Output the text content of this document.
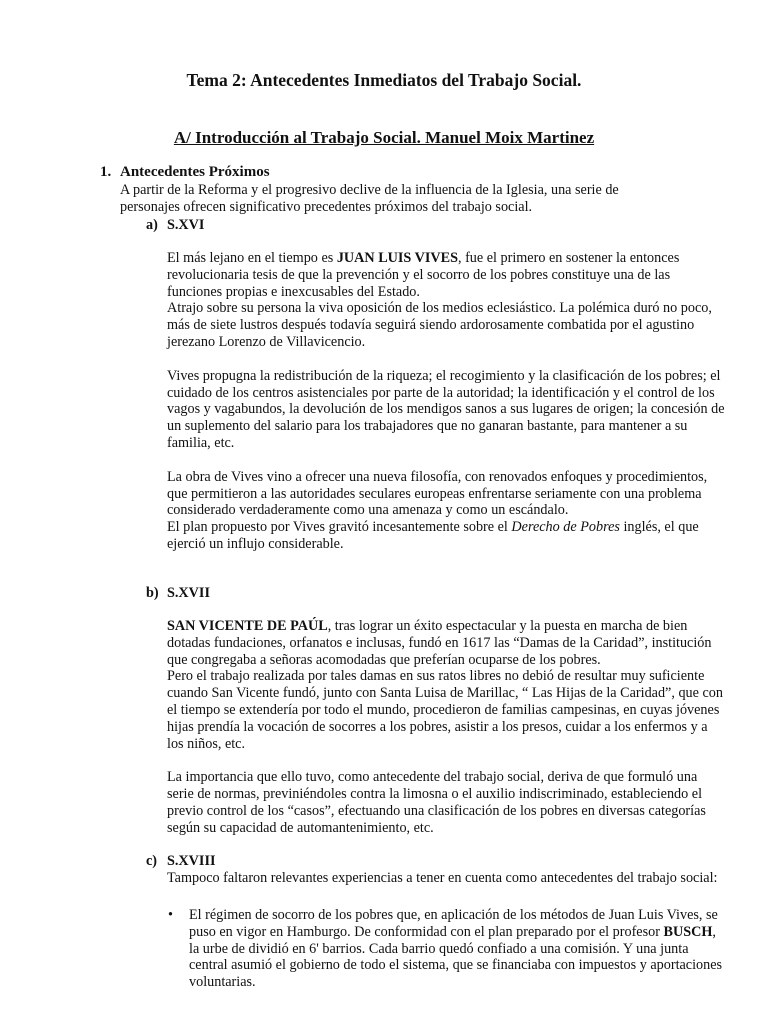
Tema 2: Antecedentes Inmediatos del Trabajo Social.
A/ Introducción al Trabajo Social. Manuel Moix Martinez
1. Antecedentes Próximos
A partir de la Reforma y el progresivo declive de la influencia de la Iglesia, una serie de personajes ofrecen significativo precedentes próximos del trabajo social.
a) S.XVI

El más lejano en el tiempo es JUAN LUIS VIVES, fue el primero en sostener la entonces revolucionaria tesis de que la prevención y el socorro de los pobres constituye una de las funciones propias e inexcusables del Estado.

Atrajo sobre su persona la viva oposición de los medios eclesiástico. La polémica duró no poco, más de siete lustros después todavía seguirá siendo ardorosamente combatida por el agustino jerezano Lorenzo de Villavicencio.

Vives propugna la redistribución de la riqueza; el recogimiento y la clasificación de los pobres; el cuidado de los centros asistenciales por parte de la autoridad; la identificación y el control de los vagos y vagabundos, la devolución de los mendigos sanos a sus lugares de origen; la concesión de un suplemento del salario para los trabajadores que no ganaran bastante, para mantener a su familia, etc.

La obra de Vives vino a ofrecer una nueva filosofía, con renovados enfoques y procedimientos, que permitieron a las autoridades seculares europeas enfrentarse seriamente con una problema considerado verdaderamente como una amenaza y como un escándalo.

El plan propuesto por Vives gravitó incesantemente sobre el Derecho de Pobres inglés, el que ejerció un influjo considerable.

b) S.XVII

SAN VICENTE DE PAÚL, tras lograr un éxito espectacular y la puesta en marcha de bien dotadas fundaciones, orfanatos e inclusas, fundó en 1617 las “Damas de la Caridad”, institución que congregaba a señoras acomodadas que preferían ocuparse de los pobres.

Pero el trabajo realizada por tales damas en sus ratos libres no debió de resultar muy suficiente cuando San Vicente fundó, junto con Santa Luisa de Marillac, “ Las Hijas de la Caridad”, que con el tiempo se extendería por todo el mundo, procedieron de familias campesinas, en cuyas jóvenes hijas prendía la vocación de socorres a los pobres, asistir a los presos, cuidar a los enfermos y a los niños, etc.

La importancia que ello tuvo, como antecedente del trabajo social, deriva de que formuló una serie de normas, previniéndoles contra la limosna o el auxilio indiscriminado, estableciendo el previo control de los “casos”, efectuando una clasificación de los pobres en diversas categorías según su capacidad de automantenimiento, etc.

c) S.XVIII

Tampoco faltaron relevantes experiencias a tener en cuenta como antecedentes del trabajo social:

• El régimen de socorro de los pobres que, en aplicación de los métodos de Juan Luis Vives, se puso en vigor en Hamburgo. De conformidad con el plan preparado por el profesor BUSCH, la urbe de dividió en 6' barrios. Cada barrio quedó confiado a una comisión. Y una junta central asumió el gobierno de todo el sistema, que se financiaba con impuestos y aportaciones voluntarias.
